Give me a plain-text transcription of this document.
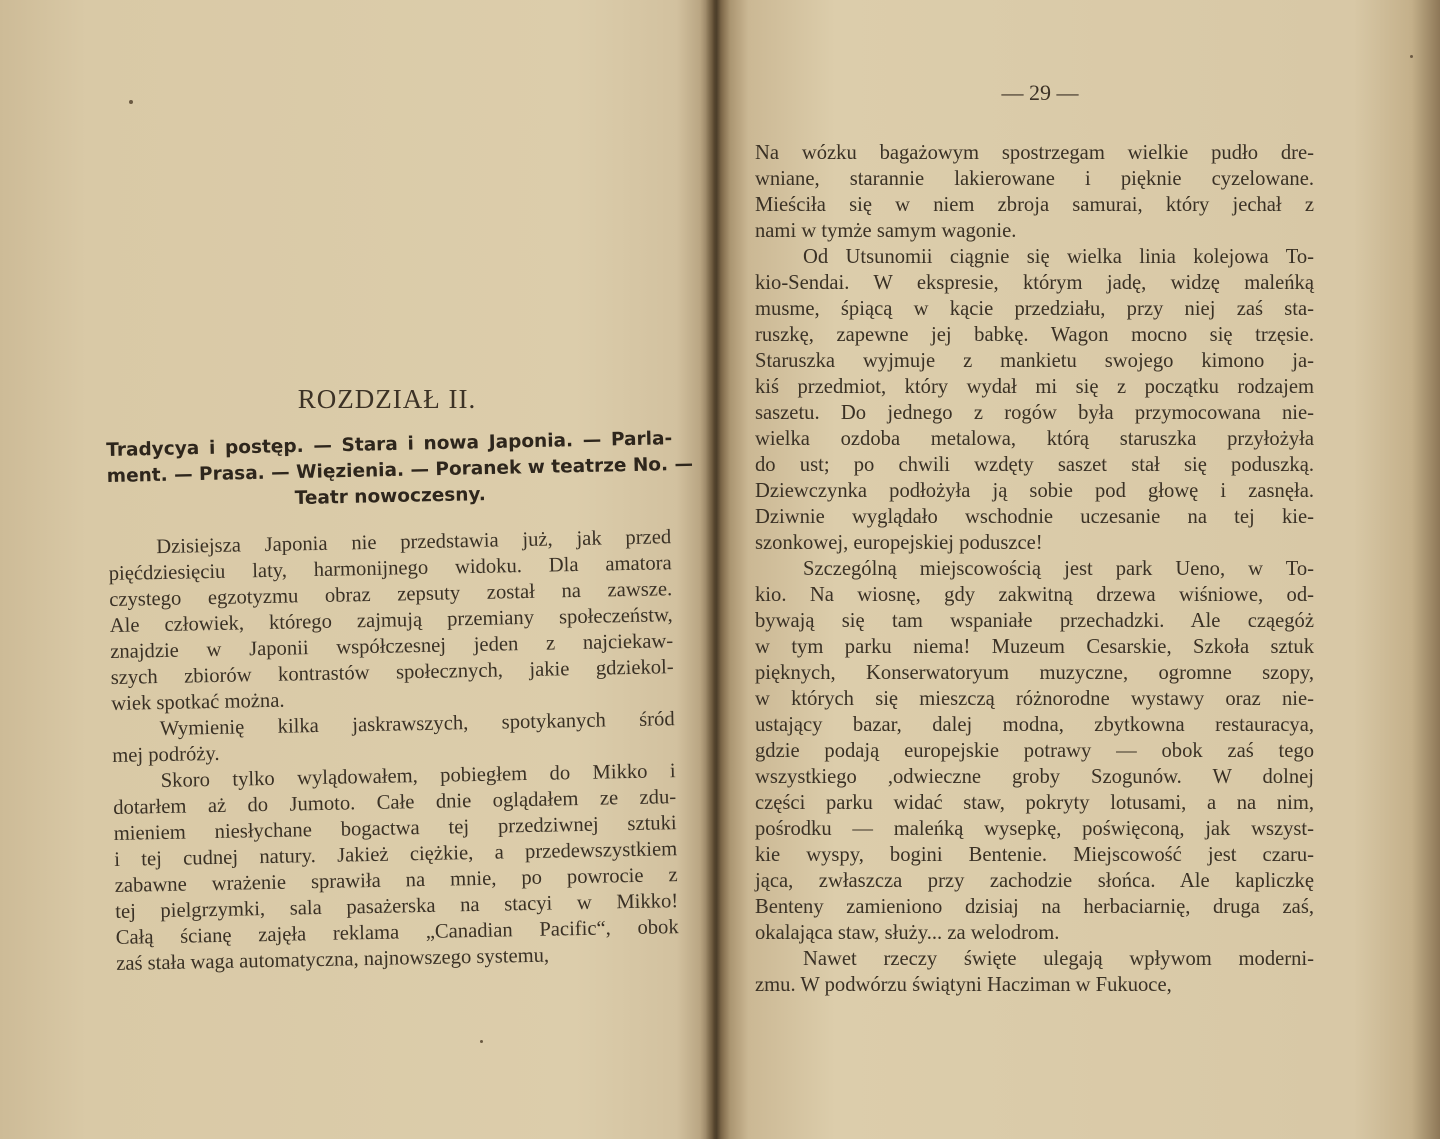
ROZDZIAŁ II.
Tradycya i postęp. — Stara i nowa Japonia. — Parla-
ment. — Prasa. — Więzienia. — Poranek w teatrze No. —
Teatr nowoczesny.

Dzisiejsza Japonia nie przedstawia już, jak przed
pięćdziesięciu laty, harmonijnego widoku. Dla amatora
czystego egzotyzmu obraz zepsuty został na zawsze.
Ale człowiek, którego zajmują przemiany społeczeństw,
znajdzie w Japonii współczesnej jeden z najciekaw-
szych zbiorów kontrastów społecznych, jakie gdziekol-
wiek spotkać można.

Wymienię kilka jaskrawszych, spotykanych śród
mej podróży.

Skoro tylko wylądowałem, pobiegłem do Mikko i
dotarłem aż do Jumoto. Całe dnie oglądałem ze zdu-
mieniem niesłychane bogactwa tej przedziwnej sztuki
i tej cudnej natury. Jakież ciężkie, a przedewszystkiem
zabawne wrażenie sprawiła na mnie, po powrocie z
tej pielgrzymki, sala pasażerska na stacyi w Mikko!
Całą ścianę zajęła reklama „Canadian Pacific“, obok
zaś stała waga automatyczna, najnowszego systemu,

— 29 —

Na wózku bagażowym spostrzegam wielkie pudło dre-
wniane, starannie lakierowane i pięknie cyzelowane.
Mieściła się w niem zbroja samurai, który jechał z
nami w tymże samym wagonie.

Od Utsunomii ciągnie się wielka linia kolejowa To-
kio-Sendai. W ekspresie, którym jadę, widzę maleńką
musme, śpiącą w kącie przedziału, przy niej zaś sta-
ruszkę, zapewne jej babkę. Wagon mocno się trzęsie.
Staruszka wyjmuje z mankietu swojego kimono ja-
kiś przedmiot, który wydał mi się z początku rodzajem
saszetu. Do jednego z rogów była przymocowana nie-
wielka ozdoba metalowa, którą staruszka przyłożyła
do ust; po chwili wzdęty saszet stał się poduszką.
Dziewczynka podłożyła ją sobie pod głowę i zasnęła.
Dziwnie wyglądało wschodnie uczesanie na tej kie-
szonkowej, europejskiej poduszce!

Szczególną miejscowością jest park Ueno, w To-
kio. Na wiosnę, gdy zakwitną drzewa wiśniowe, od-
bywają się tam wspaniałe przechadzki. Ale cząegóż
w tym parku niema! Muzeum Cesarskie, Szkoła sztuk
pięknych, Konserwatoryum muzyczne, ogromne szopy,
w których się mieszczą różnorodne wystawy oraz nie-
ustający bazar, dalej modna, zbytkowna restauracya,
gdzie podają europejskie potrawy — obok zaś tego
wszystkiego ,odwieczne groby Szogunów. W dolnej
części parku widać staw, pokryty lotusami, a na nim,
pośrodku — maleńką wysepkę, poświęconą, jak wszyst-
kie wyspy, bogini Bentenie. Miejscowość jest czaru-
jąca, zwłaszcza przy zachodzie słońca. Ale kapliczkę
Benteny zamieniono dzisiaj na herbaciarnię, druga zaś,
okalająca staw, służy... za welodrom.

Nawet rzeczy święte ulegają wpływom moderni-
zmu. W podwórzu świątyni Hacziman w Fukuoce,
